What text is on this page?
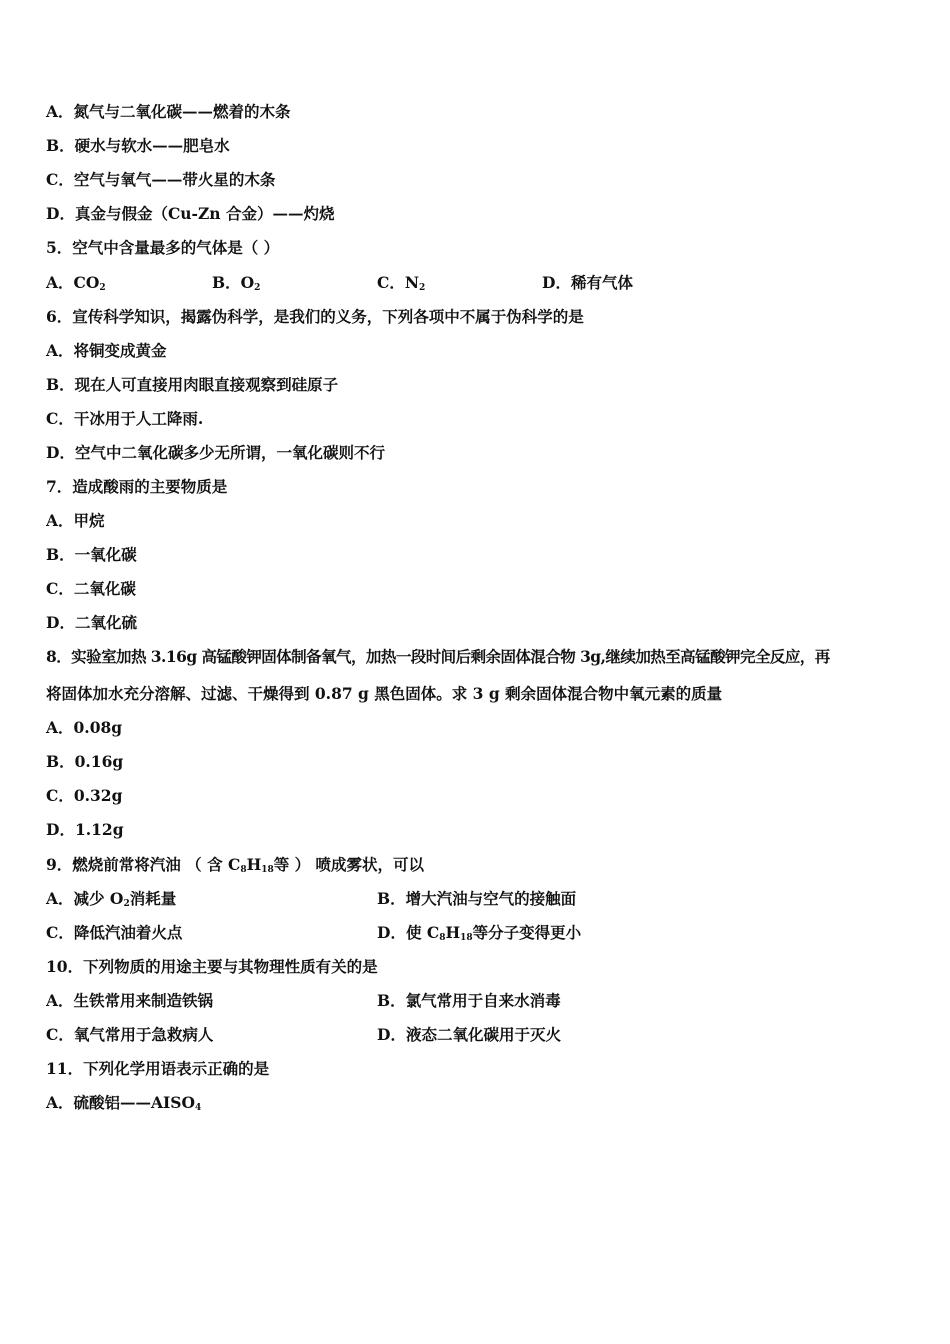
A．氮气与二氧化碳——燃着的木条
B．硬水与软水——肥皂水
C．空气与氧气——带火星的木条
D．真金与假金（Cu-Zn 合金）——灼烧
5．空气中含量最多的气体是（ ）
A．$CO_2$	B．$O_2$	C．$N_2$	D．稀有气体
6．宣传科学知识，揭露伪科学，是我们的义务，下列各项中不属于伪科学的是
A．将铜变成黄金
B．现在人可直接用肉眼直接观察到硅原子
C．干冰用于人工降雨.
D．空气中二氧化碳多少无所谓，一氧化碳则不行
7．造成酸雨的主要物质是
A．甲烷
B．一氧化碳
C．二氧化碳
D．二氧化硫
8．实验室加热 3.16g 高锰酸钾固体制备氧气，加热一段时间后剩余固体混合物 3g,继续加热至高锰酸钾完全反应，再
将固体加水充分溶解、过滤、干燥得到 0.87 g 黑色固体。求 3 g 剩余固体混合物中氧元素的质量
A．0.08g
B．0.16g
C．0.32g
D．1.12g
9．燃烧前常将汽油 （ 含 $C_8H_{18}$等 ） 喷成雾状，可以
A．减少 $O_2$消耗量	B．增大汽油与空气的接触面
C．降低汽油着火点	D．使 $C_8H_{18}$等分子变得更小
10．下列物质的用途主要与其物理性质有关的是
A．生铁常用来制造铁锅	B．氯气常用于自来水消毒
C．氧气常用于急救病人	D．液态二氧化碳用于灭火
11．下列化学用语表示正确的是
A．硫酸铝$——AISO_4$
